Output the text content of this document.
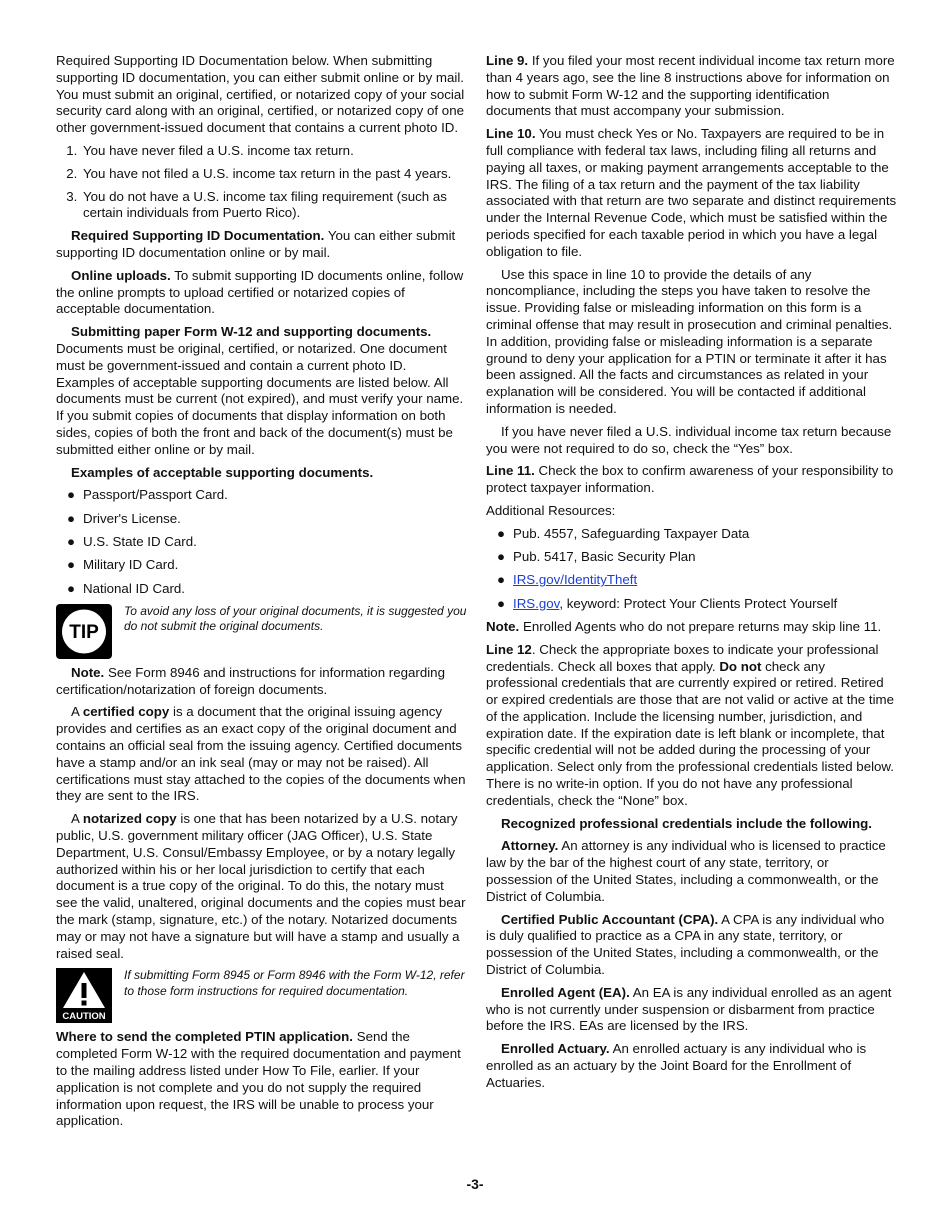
Required Supporting ID Documentation below. When submitting supporting ID documentation, you can either submit online or by mail. You must submit an original, certified, or notarized copy of your social security card along with an original, certified, or notarized copy of one other government-issued document that contains a current photo ID.

1. You have never filed a U.S. income tax return.
2. You have not filed a U.S. income tax return in the past 4 years.
3. You do not have a U.S. income tax filing requirement (such as certain individuals from Puerto Rico).

Required Supporting ID Documentation. You can either submit supporting ID documentation online or by mail.

Online uploads. To submit supporting ID documents online, follow the online prompts to upload certified or notarized copies of acceptable documentation.

Submitting paper Form W-12 and supporting documents. Documents must be original, certified, or notarized. One document must be government-issued and contain a current photo ID. Examples of acceptable supporting documents are listed below. All documents must be current (not expired), and must verify your name. If you submit copies of documents that display information on both sides, copies of both the front and back of the document(s) must be submitted either online or by mail.

Examples of acceptable supporting documents.

● Passport/Passport Card.
● Driver's License.
● U.S. State ID Card.
● Military ID Card.
● National ID Card.
TIP
To avoid any loss of your original documents, it is suggested you do not submit the original documents.

Note. See Form 8946 and instructions for information regarding certification/notarization of foreign documents.

A certified copy is a document that the original issuing agency provides and certifies as an exact copy of the original document and contains an official seal from the issuing agency. Certified documents have a stamp and/or an ink seal (may or may not be raised). All certifications must stay attached to the copies of the documents when they are sent to the IRS.

A notarized copy is one that has been notarized by a U.S. notary public, U.S. government military officer (JAG Officer), U.S. State Department, U.S. Consul/Embassy Employee, or by a notary legally authorized within his or her local jurisdiction to certify that each document is a true copy of the original. To do this, the notary must see the valid, unaltered, original documents and the copies must bear the mark (stamp, signature, etc.) of the notary. Notarized documents may or may not have a signature but will have a stamp and usually a raised seal.

CAUTION
If submitting Form 8945 or Form 8946 with the Form W-12, refer to those form instructions for required documentation.

Where to send the completed PTIN application. Send the completed Form W-12 with the required documentation and payment to the mailing address listed under How To File, earlier. If your application is not complete and you do not supply the required information upon request, the IRS will be unable to process your application.

Line 9. If you filed your most recent individual income tax return more than 4 years ago, see the line 8 instructions above for information on how to submit Form W-12 and the supporting identification documents that must accompany your submission.

Line 10. You must check Yes or No. Taxpayers are required to be in full compliance with federal tax laws, including filing all returns and paying all taxes, or making payment arrangements acceptable to the IRS. The filing of a tax return and the payment of the tax liability associated with that return are two separate and distinct requirements under the Internal Revenue Code, which must be satisfied within the periods specified for each taxable period in which you have a legal obligation to file.

Use this space in line 10 to provide the details of any noncompliance, including the steps you have taken to resolve the issue. Providing false or misleading information on this form is a criminal offense that may result in prosecution and criminal penalties. In addition, providing false or misleading information is a separate ground to deny your application for a PTIN or terminate it after it has been assigned. All the facts and circumstances as related in your explanation will be considered. You will be contacted if additional information is needed.

If you have never filed a U.S. individual income tax return because you were not required to do so, check the “Yes” box.

Line 11. Check the box to confirm awareness of your responsibility to protect taxpayer information.

Additional Resources:

● Pub. 4557, Safeguarding Taxpayer Data
● Pub. 5417, Basic Security Plan
● IRS.gov/IdentityTheft
● IRS.gov, keyword: Protect Your Clients Protect Yourself

Note. Enrolled Agents who do not prepare returns may skip line 11.

Line 12. Check the appropriate boxes to indicate your professional credentials. Check all boxes that apply. Do not check any professional credentials that are currently expired or retired. Retired or expired credentials are those that are not valid or active at the time of the application. Include the licensing number, jurisdiction, and expiration date. If the expiration date is left blank or incomplete, that specific credential will not be added during the processing of your application. Select only from the professional credentials listed below. There is no write-in option. If you do not have any professional credentials, check the “None” box.

Recognized professional credentials include the following.

Attorney. An attorney is any individual who is licensed to practice law by the bar of the highest court of any state, territory, or possession of the United States, including a commonwealth, or the District of Columbia.

Certified Public Accountant (CPA). A CPA is any individual who is duly qualified to practice as a CPA in any state, territory, or possession of the United States, including a commonwealth, or the District of Columbia.

Enrolled Agent (EA). An EA is any individual enrolled as an agent who is not currently under suspension or disbarment from practice before the IRS. EAs are licensed by the IRS.

Enrolled Actuary. An enrolled actuary is any individual who is enrolled as an actuary by the Joint Board for the Enrollment of Actuaries.

-3-
